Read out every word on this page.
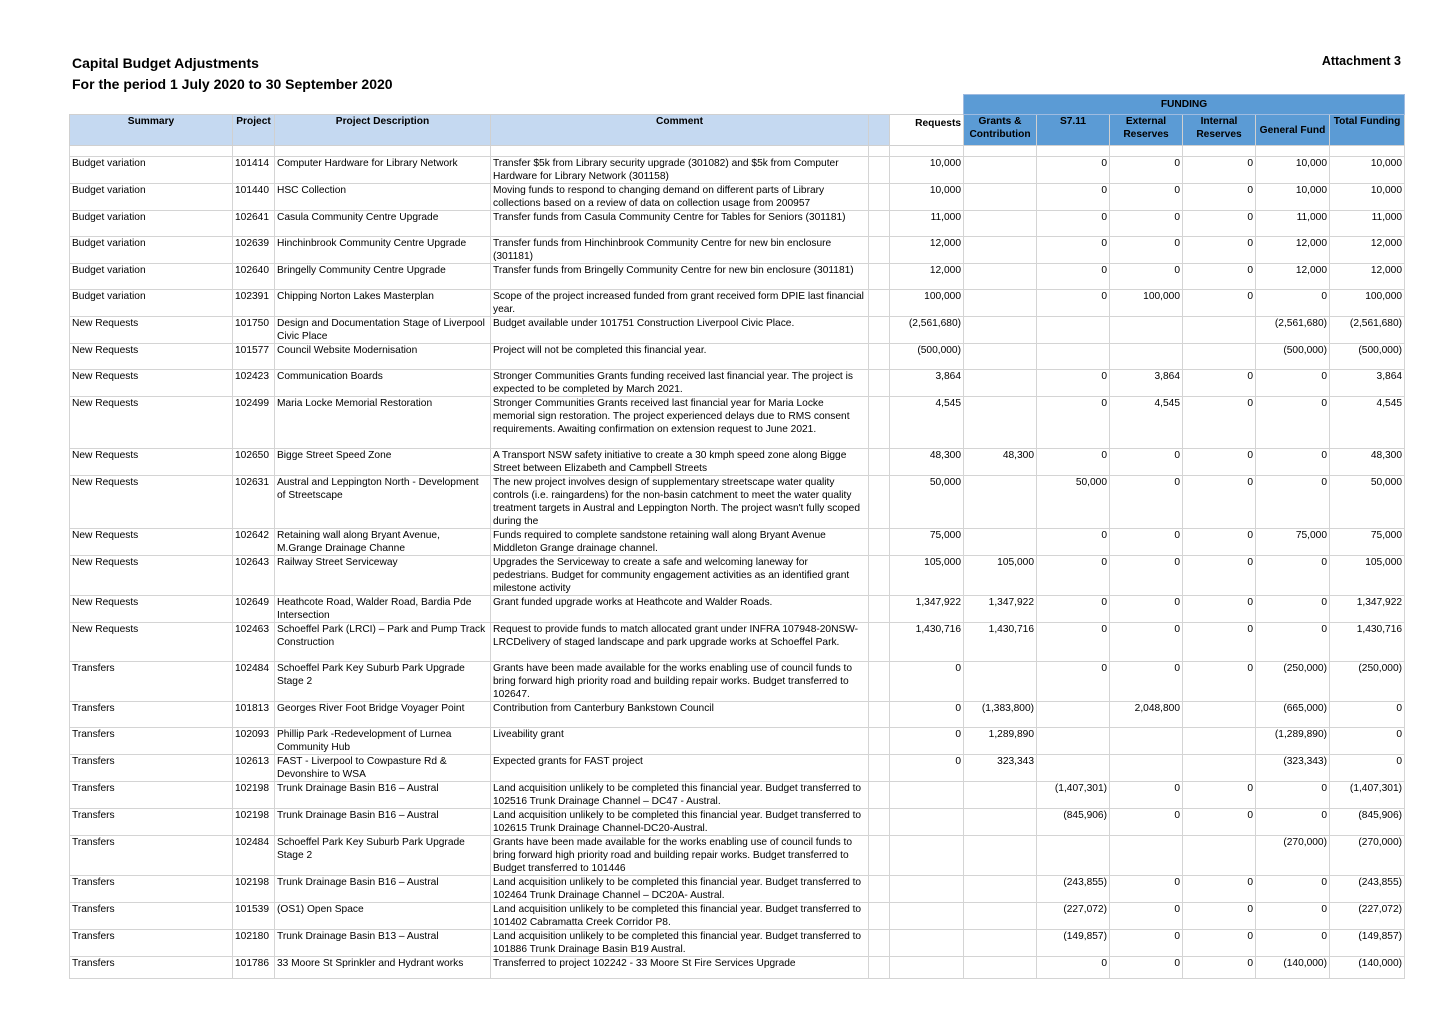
Capital Budget Adjustments
For the period 1 July 2020 to 30 September 2020
Attachment 3
						FUNDING					
Summary	Project	Project Description	Comment		Requests	Grants & Contribution	S7.11	External Reserves	Internal Reserves	General Fund	Total Funding

Budget variation	101414	Computer Hardware for Library Network	Transfer $5k from Library security upgrade (301082) and $5k from Computer Hardware for Library Network (301158)		10,000		0	0	0	10,000	10,000
Budget variation	101440	HSC Collection	Moving funds to respond to changing demand on different parts of Library collections based on a review of data on collection usage from 200957		10,000		0	0	0	10,000	10,000
Budget variation	102641	Casula Community Centre Upgrade	Transfer funds from Casula Community Centre for Tables for Seniors (301181)		11,000		0	0	0	11,000	11,000
Budget variation	102639	Hinchinbrook Community Centre Upgrade	Transfer funds from Hinchinbrook Community Centre for new bin enclosure (301181)		12,000		0	0	0	12,000	12,000
Budget variation	102640	Bringelly Community Centre Upgrade	Transfer funds from Bringelly Community Centre for new bin enclosure (301181)		12,000		0	0	0	12,000	12,000
Budget variation	102391	Chipping Norton Lakes Masterplan	Scope of the project increased funded from grant received form DPIE last financial year.		100,000		0	100,000	0	0	100,000
New Requests	101750	Design and Documentation Stage of Liverpool Civic Place	Budget available under 101751 Construction Liverpool Civic Place.		(2,561,680)					(2,561,680)	(2,561,680)
New Requests	101577	Council Website Modernisation	Project will not be completed this financial year.		(500,000)					(500,000)	(500,000)
New Requests	102423	Communication Boards	Stronger Communities Grants funding received last financial year. The project is expected to be completed by March 2021.		3,864		0	3,864	0	0	3,864
New Requests	102499	Maria Locke Memorial Restoration	Stronger Communities Grants received last financial year for Maria Locke memorial sign restoration. The project experienced delays due to RMS consent requirements. Awaiting confirmation on extension request to June 2021.		4,545		0	4,545	0	0	4,545
New Requests	102650	Bigge Street Speed Zone	A Transport NSW safety initiative to create a 30 kmph speed zone along Bigge Street between Elizabeth and Campbell Streets		48,300	48,300	0	0	0	0	48,300
New Requests	102631	Austral and Leppington North - Development of Streetscape	The new project involves design of supplementary streetscape water quality controls (i.e. raingardens) for the non-basin catchment to meet the water quality treatment targets in Austral and Leppington North. The project wasn't fully scoped during the		50,000		50,000	0	0	0	50,000
New Requests	102642	Retaining wall along Bryant Avenue, M.Grange Drainage Channe	Funds required to complete sandstone retaining wall along Bryant Avenue Middleton Grange drainage channel.		75,000		0	0	0	75,000	75,000
New Requests	102643	Railway Street Serviceway	Upgrades the Serviceway to create a safe and welcoming laneway for pedestrians. Budget for community engagement activities as an identified grant milestone activity		105,000	105,000	0	0	0	0	105,000
New Requests	102649	Heathcote Road, Walder Road, Bardia Pde Intersection	Grant funded upgrade works at Heathcote and Walder Roads.		1,347,922	1,347,922	0	0	0	0	1,347,922
New Requests	102463	Schoeffel Park (LRCI) – Park and Pump Track Construction	Request to provide funds to match allocated grant under INFRA 107948-20NSW-LRCDelivery of staged landscape and park upgrade works at Schoeffel Park.		1,430,716	1,430,716	0	0	0	0	1,430,716
Transfers	102484	Schoeffel Park Key Suburb Park Upgrade Stage 2	Grants have been made available for the works enabling use of council funds to bring forward high priority road and building repair works. Budget transferred to 102647.		0		0	0	0	(250,000)	(250,000)
Transfers	101813	Georges River Foot Bridge Voyager Point	Contribution from Canterbury Bankstown Council		0	(1,383,800)		2,048,800		(665,000)	0
Transfers	102093	Phillip Park -Redevelopment of Lurnea Community Hub	Liveability grant		0	1,289,890				(1,289,890)	0
Transfers	102613	FAST - Liverpool to Cowpasture Rd & Devonshire to WSA	Expected grants for FAST project		0	323,343				(323,343)	0
Transfers	102198	Trunk Drainage Basin B16 – Austral	Land acquisition unlikely to be completed this financial year. Budget transferred to 102516 Trunk Drainage Channel – DC47 - Austral.				(1,407,301)	0	0	0	(1,407,301)
Transfers	102198	Trunk Drainage Basin B16 – Austral	Land acquisition unlikely to be completed this financial year. Budget transferred to 102615 Trunk Drainage Channel-DC20-Austral.				(845,906)	0	0	0	(845,906)
Transfers	102484	Schoeffel Park Key Suburb Park Upgrade Stage 2	Grants have been made available for the works enabling use of council funds to bring forward high priority road and building repair works. Budget transferred to Budget transferred to 101446							(270,000)	(270,000)
Transfers	102198	Trunk Drainage Basin B16 – Austral	Land acquisition unlikely to be completed this financial year. Budget transferred to 102464 Trunk Drainage Channel – DC20A- Austral.				(243,855)	0	0	0	(243,855)
Transfers	101539	(OS1) Open Space	Land acquisition unlikely to be completed this financial year. Budget transferred to 101402 Cabramatta Creek Corridor P8.				(227,072)	0	0	0	(227,072)
Transfers	102180	Trunk Drainage Basin B13 – Austral	Land acquisition unlikely to be completed this financial year. Budget transferred to 101886 Trunk Drainage Basin B19 Austral.				(149,857)	0	0	0	(149,857)
Transfers	101786	33 Moore St Sprinkler and Hydrant works	Transferred to project 102242 - 33 Moore St Fire Services Upgrade				0	0	0	(140,000)	(140,000)
